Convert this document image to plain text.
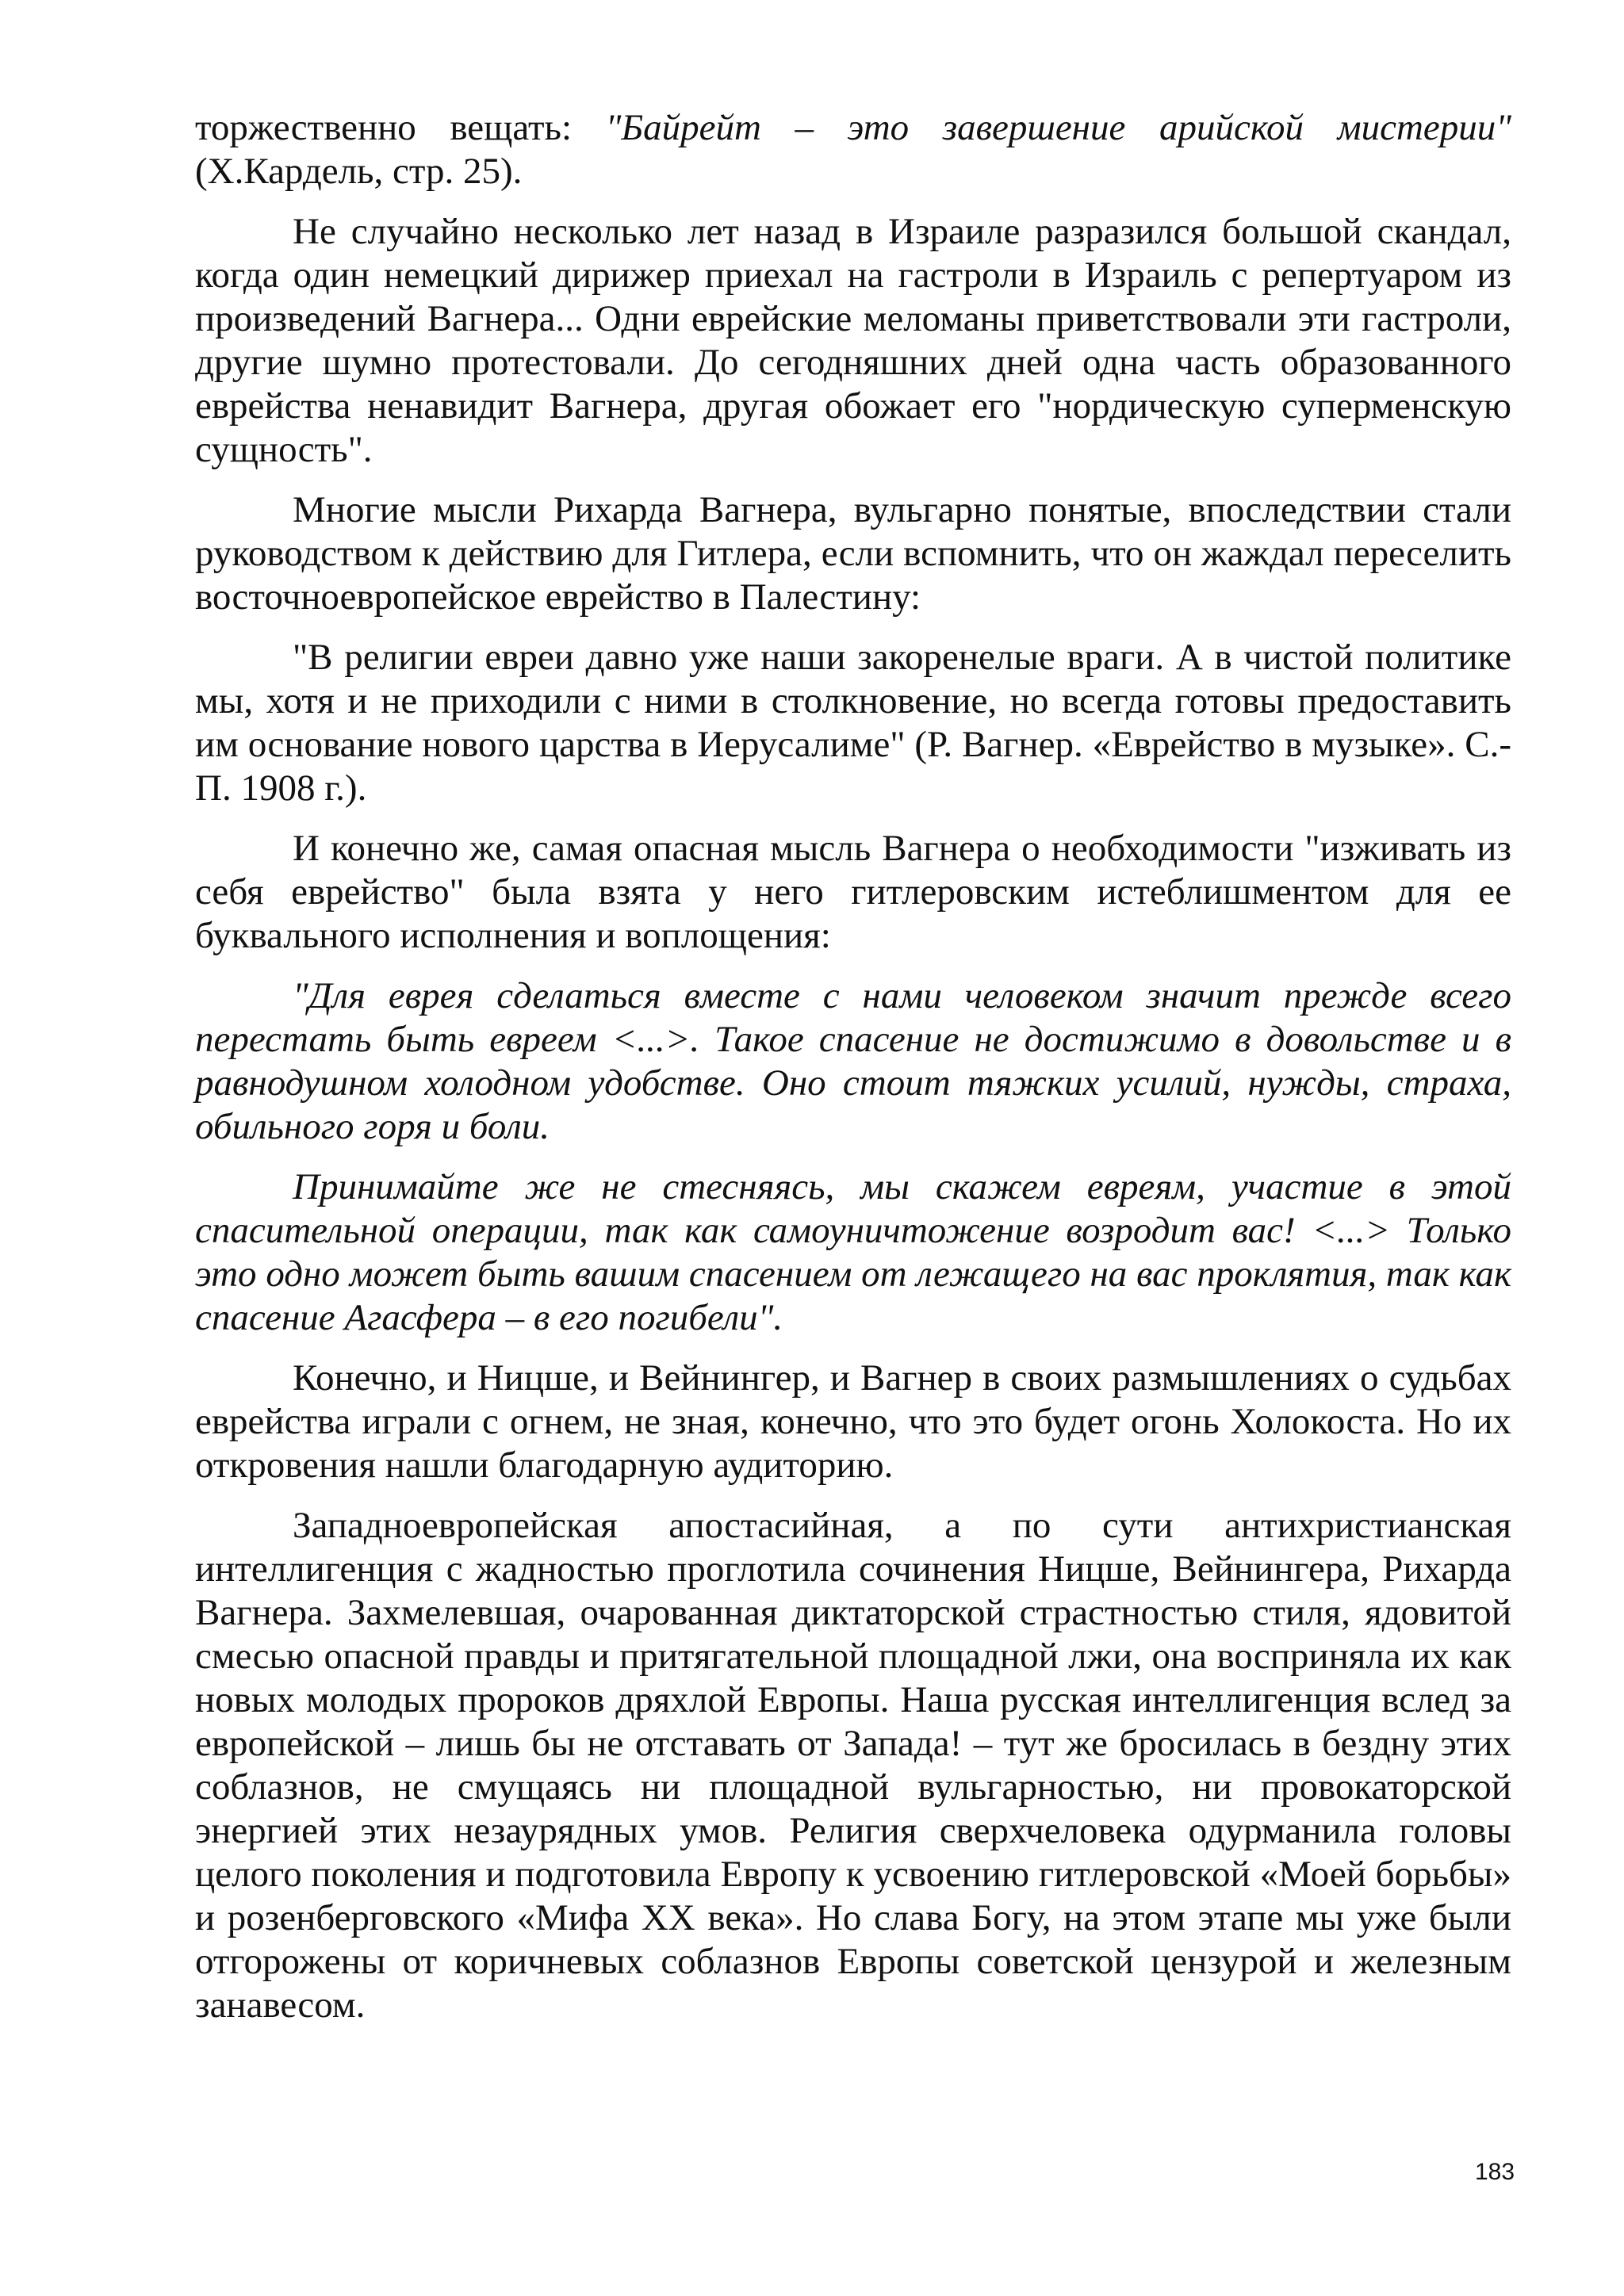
торжественно вещать: "Байрейт – это завершение арийской мистерии" (Х.Кардель, стр. 25).

Не случайно несколько лет назад в Израиле разразился большой скандал, когда один немецкий дирижер приехал на гастроли в Израиль с репертуаром из произведений Вагнера... Одни еврейские меломаны приветствовали эти гастроли, другие шумно протестовали. До сегодняшних дней одна часть образованного еврейства ненавидит Вагнера, другая обожает его "нордическую суперменскую сущность".

Многие мысли Рихарда Вагнера, вульгарно понятые, впоследствии стали руководством к действию для Гитлера, если вспомнить, что он жаждал переселить восточноевропейское еврейство в Палестину:

"В религии евреи давно уже наши закоренелые враги. А в чистой политике мы, хотя и не приходили с ними в столкновение, но всегда готовы предоставить им основание нового царства в Иерусалиме" (Р. Вагнер. «Еврейство в музыке». С.-П. 1908 г.).

И конечно же, самая опасная мысль Вагнера о необходимости "изживать из себя еврейство" была взята у него гитлеровским истеблишментом для ее буквального исполнения и воплощения:

"Для еврея сделаться вместе с нами человеком значит прежде всего перестать быть евреем <...>. Такое спасение не достижимо в довольстве и в равнодушном холодном удобстве. Оно стоит тяжких усилий, нужды, страха, обильного горя и боли.

Принимайте же не стесняясь, мы скажем евреям, участие в этой спасительной операции, так как самоуничтожение возродит вас! <...> Только это одно может быть вашим спасением от лежащего на вас проклятия, так как спасение Агасфера – в его погибели".

Конечно, и Ницше, и Вейнингер, и Вагнер в своих размышлениях о судьбах еврейства играли с огнем, не зная, конечно, что это будет огонь Холокоста. Но их откровения нашли благодарную аудиторию.

Западноевропейская апостасийная, а по сути антихристианская интеллигенция с жадностью проглотила сочинения Ницше, Вейнингера, Рихарда Вагнера. Захмелевшая, очарованная диктаторской страстностью стиля, ядовитой смесью опасной правды и притягательной площадной лжи, она восприняла их как новых молодых пророков дряхлой Европы. Наша русская интеллигенция вслед за европейской – лишь бы не отставать от Запада! – тут же бросилась в бездну этих соблазнов, не смущаясь ни площадной вульгарностью, ни провокаторской энергией этих незаурядных умов. Религия сверхчеловека одурманила головы целого поколения и подготовила Европу к усвоению гитлеровской «Моей борьбы» и розенберговского «Мифа XX века». Но слава Богу, на этом этапе мы уже были отгорожены от коричневых соблазнов Европы советской цензурой и железным занавесом.

183
